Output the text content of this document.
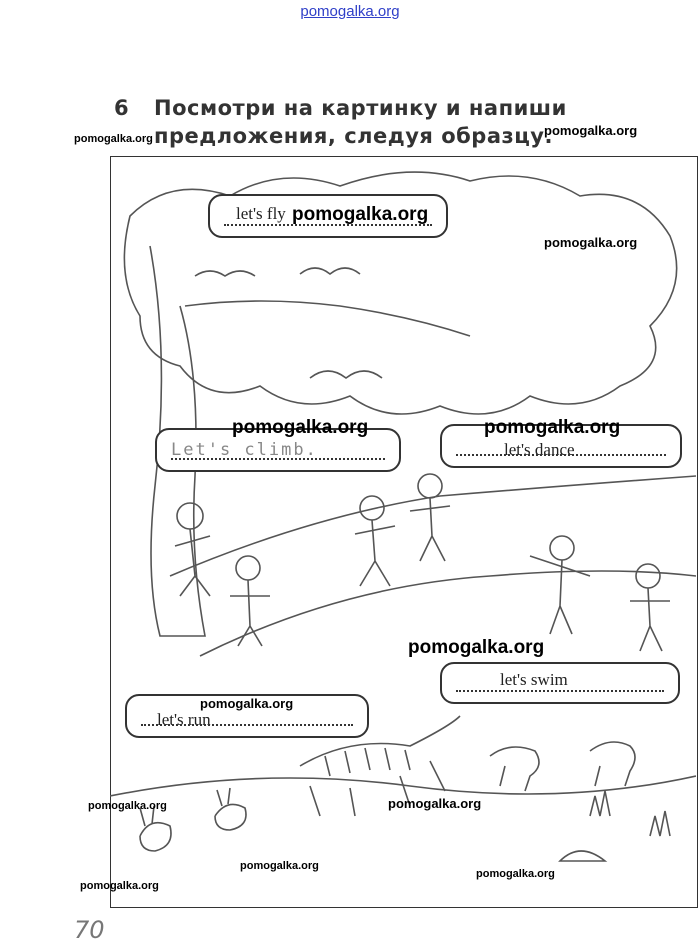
pomogalka.org
6 Посмотри на картинку и напиши
предложения, следуя образцу.
pomogalka.org
pomogalka.org
pomogalka.org
let's fly pomogalka.org
Let's climb.
pomogalka.org
let's dance
pomogalka.org
pomogalka.org
let's swim
let's run
pomogalka.org
pomogalka.org	pomogalka.org
pomogalka.org
pomogalka.org
pomogalka.org
70
